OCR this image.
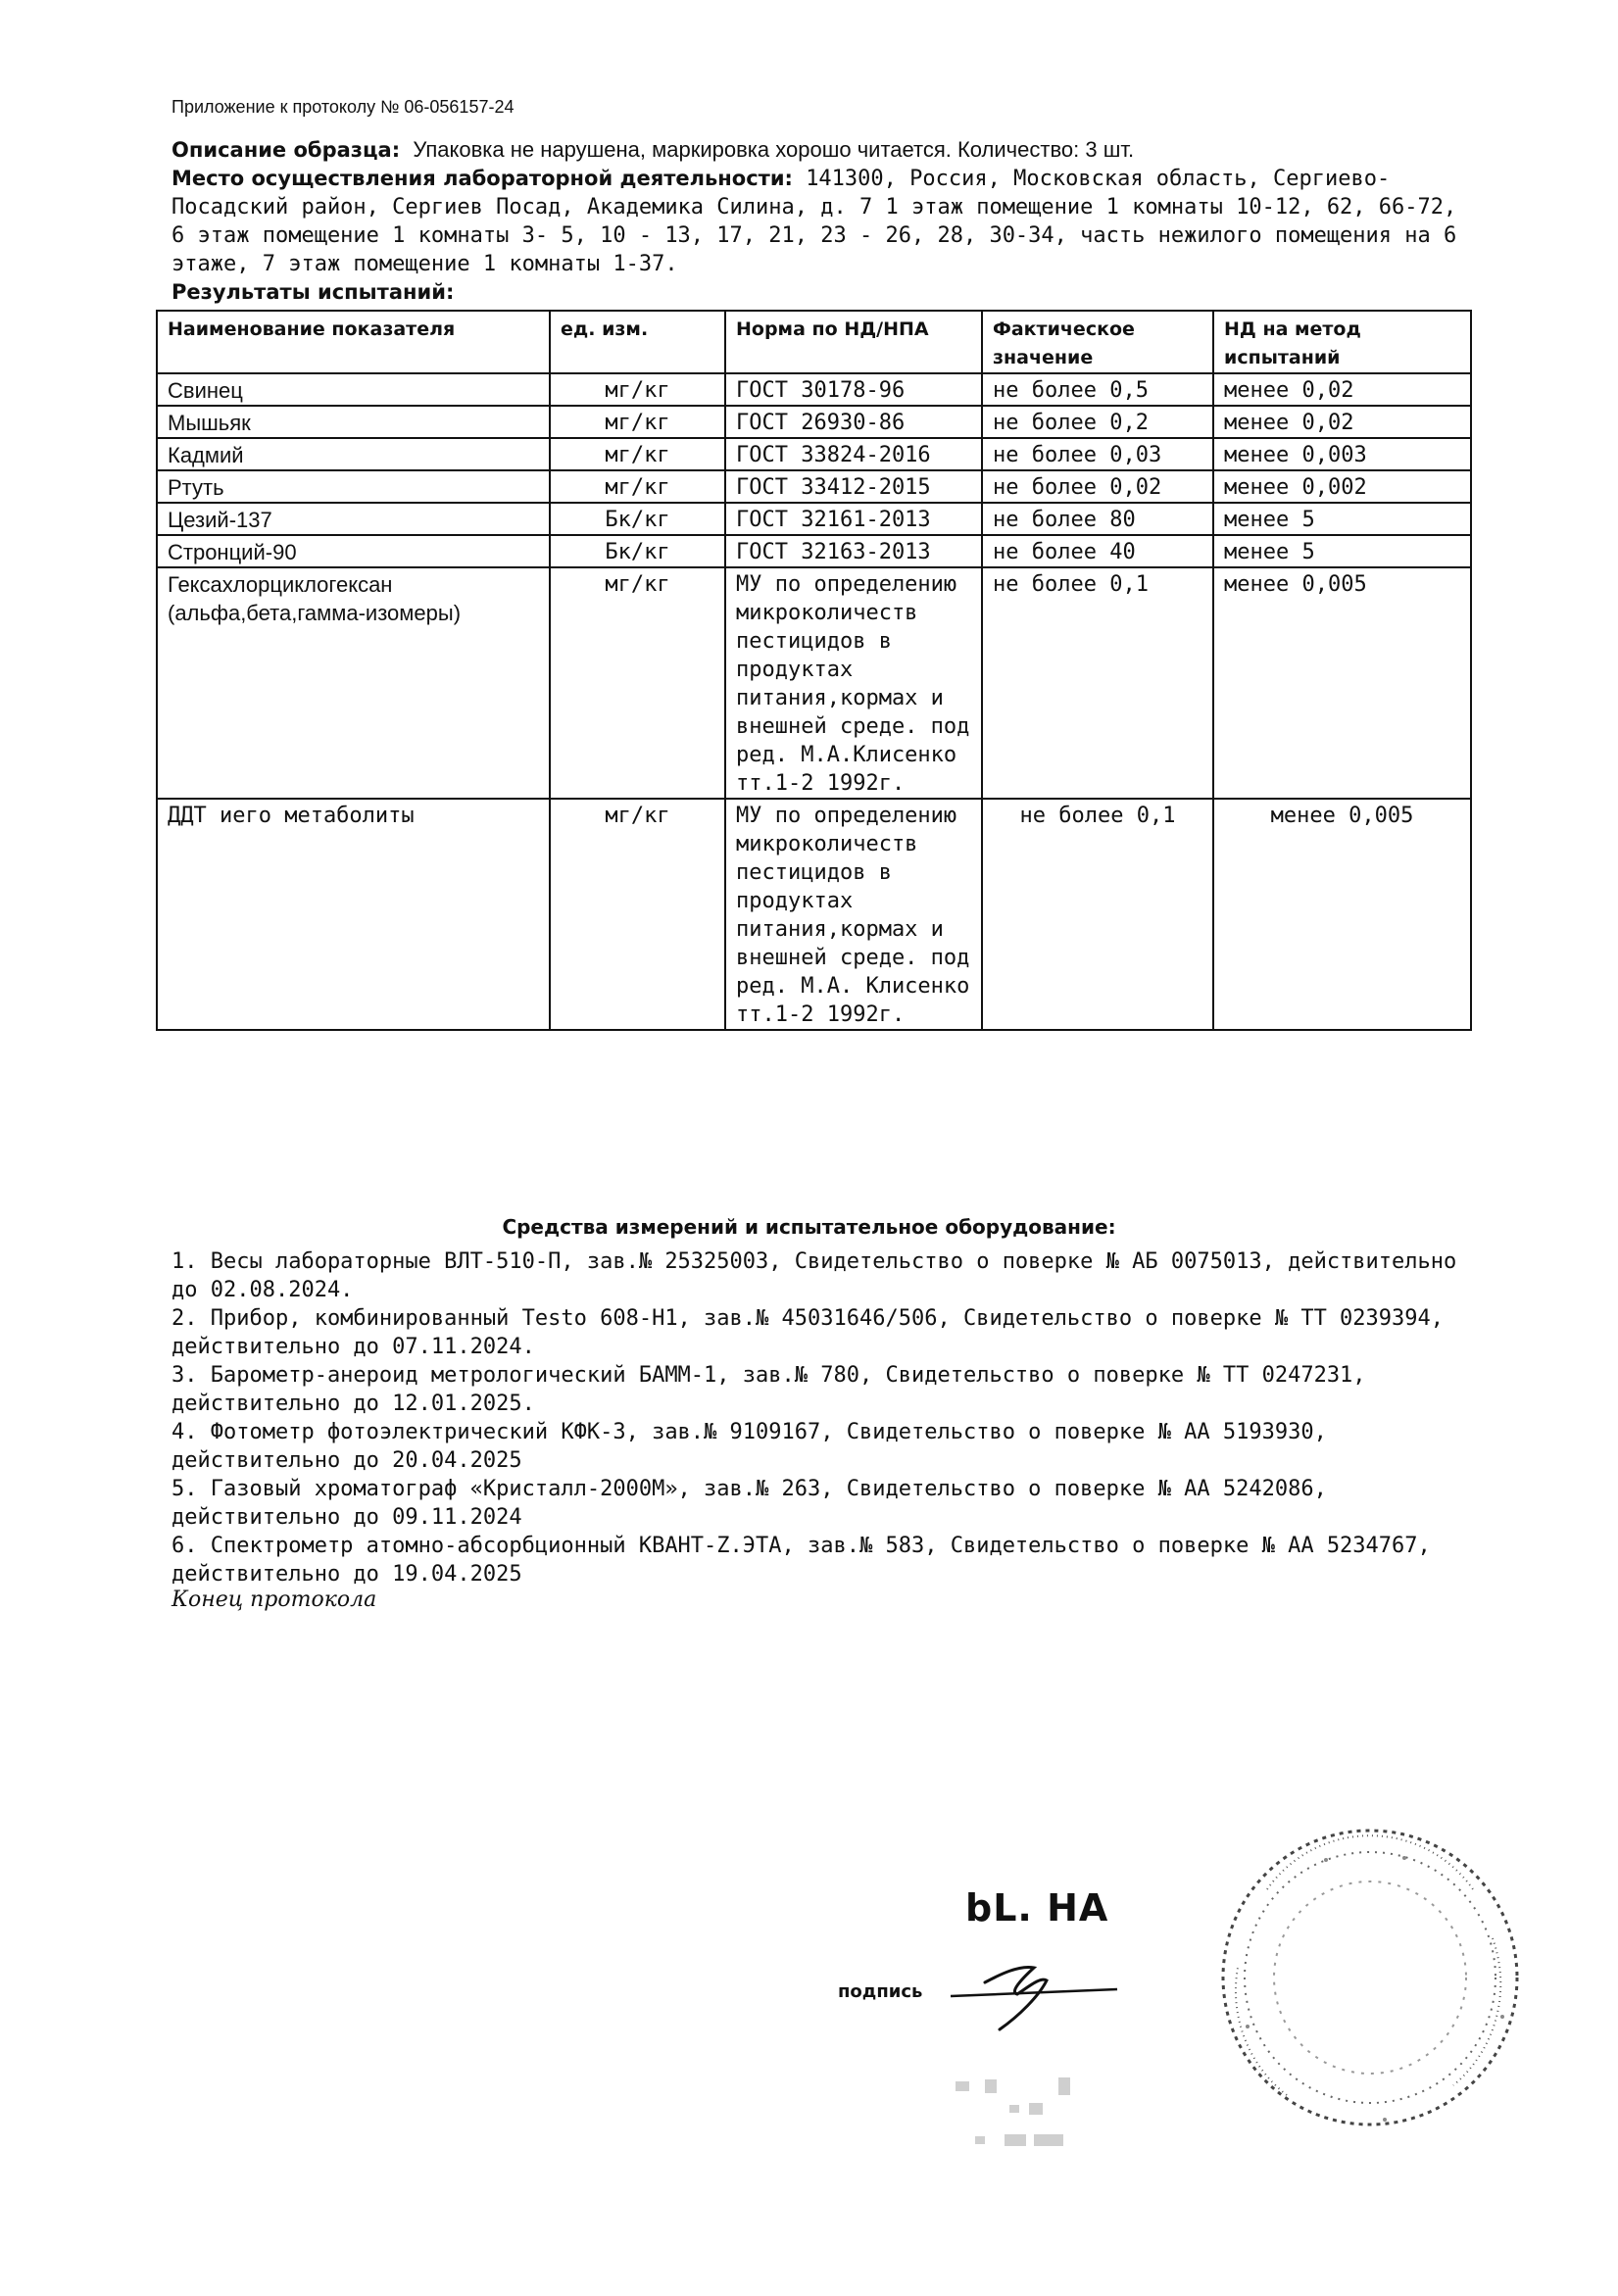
Приложение к протоколу № 06-056157-24

Описание образца: Упаковка не нарушена, маркировка хорошо читается. Количество: 3 шт.

Место осуществления лабораторной деятельности: 141300, Россия, Московская область, Сергиево-Посадский район, Сергиев Посад, Академика Силина, д. 7 1 этаж помещение 1 комнаты 10-12, 62, 66-72, 6 этаж помещение 1 комнаты 3- 5, 10 - 13, 17, 21, 23 - 26, 28, 30-34, часть нежилого помещения на 6 этаже, 7 этаж помещение 1 комнаты 1-37.

Результаты испытаний:

Наименование показателя	ед. изм.	Норма по НД/НПА	Фактическое значение	НД на метод испытаний
Свинец	мг/кг	ГОСТ 30178-96	не более 0,5	менее 0,02
Мышьяк	мг/кг	ГОСТ 26930-86	не более 0,2	менее 0,02
Кадмий	мг/кг	ГОСТ 33824-2016	не более 0,03	менее 0,003
Ртуть	мг/кг	ГОСТ 33412-2015	не более 0,02	менее 0,002
Цезий-137	Бк/кг	ГОСТ 32161-2013	не более 80	менее 5
Стронций-90	Бк/кг	ГОСТ 32163-2013	не более 40	менее 5
Гексахлорциклогексан (альфа,бета,гамма-изомеры)	мг/кг	МУ по определению микроколичеств пестицидов в продуктах питания,кормах и внешней среде. под ред. М.А.Клисенко тт.1-2 1992г.	не более 0,1	менее 0,005
ДДТ иего метаболиты	мг/кг	МУ по определению микроколичеств пестицидов в продуктах питания,кормах и внешней среде. под ред. М.А. Клисенко тт.1-2 1992г.	не более 0,1	менее 0,005
Средства измерений и испытательное оборудование:
1. Весы лабораторные ВЛТ-510-П, зав.№ 25325003, Свидетельство о поверке № АБ 0075013, действительно до 02.08.2024.
2. Прибор, комбинированный Testo 608-H1, зав.№ 45031646/506, Свидетельство о поверке № ТТ 0239394, действительно до 07.11.2024.
3. Барометр-анероид метрологический БАММ-1, зав.№ 780, Свидетельство о поверке № ТТ 0247231, действительно до 12.01.2025.
4. Фотометр фотоэлектрический КФК-3, зав.№ 9109167, Свидетельство о поверке № АА 5193930, действительно до 20.04.2025
5. Газовый хроматограф «Кристалл-2000М», зав.№ 263, Свидетельство о поверке № АА 5242086, действительно до 09.11.2024
6. Спектрометр атомно-абсорбционный КВАНТ-Z.ЭТА, зав.№ 583, Свидетельство о поверке № АА 5234767, действительно до 19.04.2025
Конец протокола
bL. HA
подпись
